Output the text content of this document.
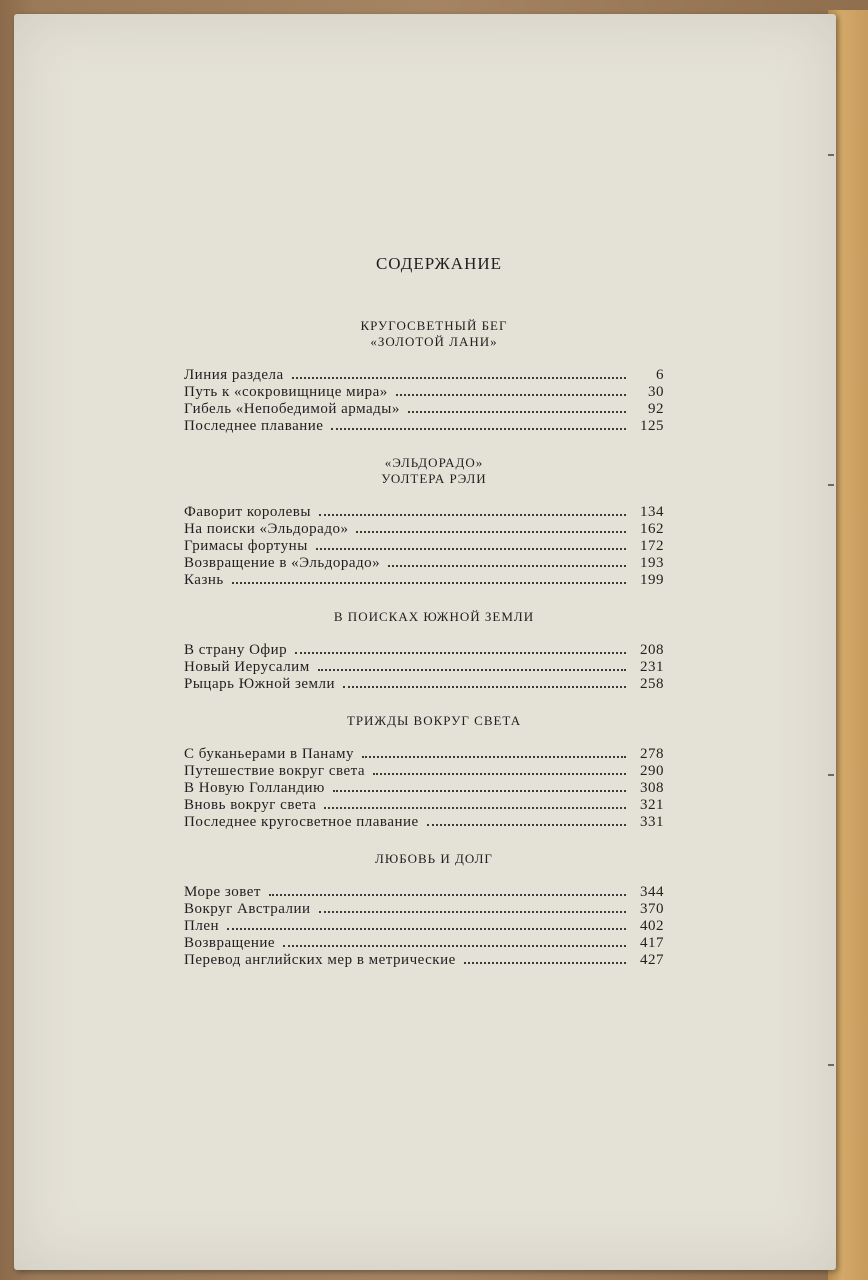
СОДЕРЖАНИЕ
КРУГОСВЕТНЫЙ БЕГ
«ЗОЛОТОЙ ЛАНИ»
Линия раздела	6
Путь к «сокровищнице мира»	30
Гибель «Непобедимой армады»	92
Последнее плавание	125
«ЭЛЬДОРАДО»
УОЛТЕРА РЭЛИ
Фаворит королевы	134
На поиски «Эльдорадо»	162
Гримасы фортуны	172
Возвращение в «Эльдорадо»	193
Казнь	199
В ПОИСКАХ ЮЖНОЙ ЗЕМЛИ
В страну Офир	208
Новый Иерусалим	231
Рыцарь Южной земли	258
ТРИЖДЫ ВОКРУГ СВЕТА
С буканьерами в Панаму	278
Путешествие вокруг света	290
В Новую Голландию	308
Вновь вокруг света	321
Последнее кругосветное плавание	331
ЛЮБОВЬ И ДОЛГ
Море зовет	344
Вокруг Австралии	370
Плен	402
Возвращение	417
Перевод английских мер в метрические	427
